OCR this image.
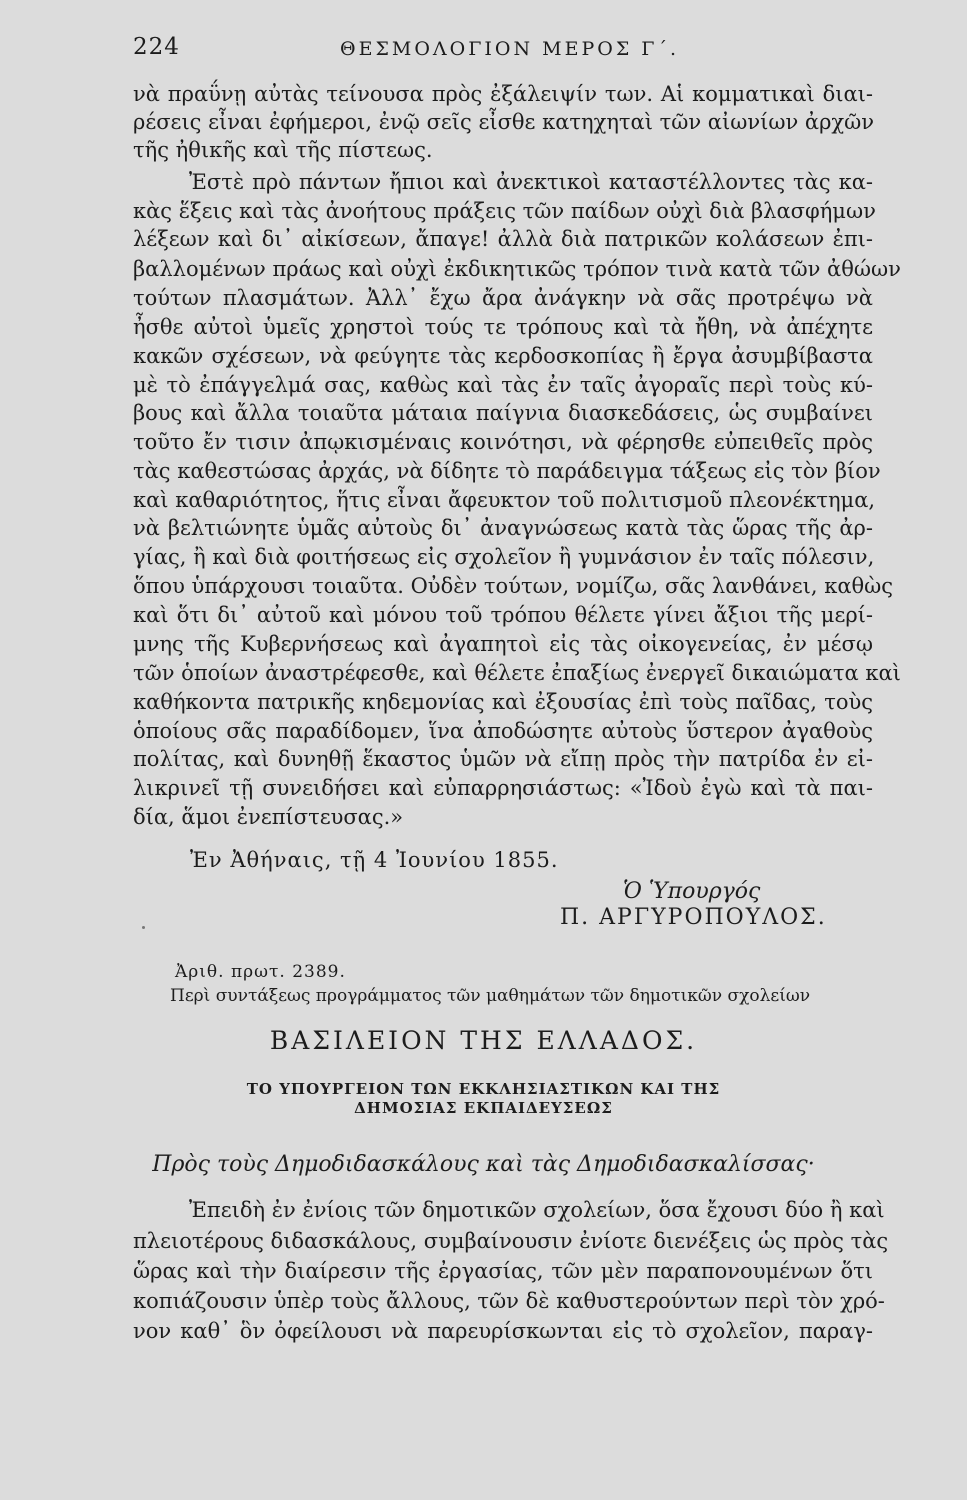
224	ΘΕΣΜΟΛΟΓΙΟΝ ΜΕΡΟΣ Γ΄.
νὰ πραΰνῃ αὐτὰς τείνουσα πρὸς ἐξάλειψίν των. Αἱ κομματικαὶ διαι-
ρέσεις εἶναι ἐφήμεροι, ἐνῷ σεῖς εἶσθε κατηχηταὶ τῶν αἰωνίων ἀρχῶν
τῆς ἠθικῆς καὶ τῆς πίστεως.
Ἐστὲ πρὸ πάντων ἤπιοι καὶ ἀνεκτικοὶ καταστέλλοντες τὰς κα-
κὰς ἕξεις καὶ τὰς ἀνοήτους πράξεις τῶν παίδων οὐχὶ διὰ βλασφήμων
λέξεων καὶ δι᾽ αἰκίσεων, ἄπαγε! ἀλλὰ διὰ πατρικῶν κολάσεων ἐπι-
βαλλομένων πράως καὶ οὐχὶ ἐκδικητικῶς τρόπον τινὰ κατὰ τῶν ἀθώων
τούτων πλασμάτων. Ἀλλ᾽ ἔχω ἄρα ἀνάγκην νὰ σᾶς προτρέψω νὰ
ἦσθε αὐτοὶ ὑμεῖς χρηστοὶ τούς τε τρόπους καὶ τὰ ἤθη, νὰ ἀπέχητε
κακῶν σχέσεων, νὰ φεύγητε τὰς κερδοσκοπίας ἢ ἔργα ἀσυμβίβαστα
μὲ τὸ ἐπάγγελμά σας, καθὼς καὶ τὰς ἐν ταῖς ἀγοραῖς περὶ τοὺς κύ-
βους καὶ ἄλλα τοιαῦτα μάταια παίγνια διασκεδάσεις, ὡς συμβαίνει
τοῦτο ἔν τισιν ἀπῳκισμέναις κοινότησι, νὰ φέρησθε εὐπειθεῖς πρὸς
τὰς καθεστώσας ἀρχάς, νὰ δίδητε τὸ παράδειγμα τάξεως εἰς τὸν βίον
καὶ καθαριότητος, ἥτις εἶναι ἄφευκτον τοῦ πολιτισμοῦ πλεονέκτημα,
νὰ βελτιώνητε ὑμᾶς αὐτοὺς δι᾽ ἀναγνώσεως κατὰ τὰς ὥρας τῆς ἀρ-
γίας, ἢ καὶ διὰ φοιτήσεως εἰς σχολεῖον ἢ γυμνάσιον ἐν ταῖς πόλεσιν,
ὅπου ὑπάρχουσι τοιαῦτα. Οὐδὲν τούτων, νομίζω, σᾶς λανθάνει, καθὼς
καὶ ὅτι δι᾽ αὐτοῦ καὶ μόνου τοῦ τρόπου θέλετε γίνει ἄξιοι τῆς μερί-
μνης τῆς Κυβερνήσεως καὶ ἀγαπητοὶ εἰς τὰς οἰκογενείας, ἐν μέσῳ
τῶν ὁποίων ἀναστρέφεσθε, καὶ θέλετε ἐπαξίως ἐνεργεῖ δικαιώματα καὶ
καθήκοντα πατρικῆς κηδεμονίας καὶ ἐξουσίας ἐπὶ τοὺς παῖδας, τοὺς
ὁποίους σᾶς παραδίδομεν, ἵνα ἀποδώσητε αὐτοὺς ὕστερον ἀγαθοὺς
πολίτας, καὶ δυνηθῇ ἕκαστος ὑμῶν νὰ εἴπῃ πρὸς τὴν πατρίδα ἐν εἰ-
λικρινεῖ τῇ συνειδήσει καὶ εὐπαρρησιάστως: «Ἰδοὺ ἐγὼ καὶ τὰ παι-
δία, ἅμοι ἐνεπίστευσας.»
Ἐν Ἀθήναις, τῇ 4 Ἰουνίου 1855.
Ὁ Ὑπουργός
Π. ΑΡΓΥΡΟΠΟΥΛΟΣ.
Ἀριθ. πρωτ. 2389.
Περὶ συντάξεως προγράμματος τῶν μαθημάτων τῶν δημοτικῶν σχολείων
ΒΑΣΙΛΕΙΟΝ ΤΗΣ ΕΛΛΑΔΟΣ.
ΤΟ ΥΠΟΥΡΓΕΙΟΝ ΤΩΝ ΕΚΚΛΗΣΙΑΣΤΙΚΩΝ ΚΑΙ ΤΗΣ
ΔΗΜΟΣΙΑΣ ΕΚΠΑΙΔΕΥΣΕΩΣ
Πρὸς τοὺς Δημοδιδασκάλους καὶ τὰς Δημοδιδασκαλίσσας·
Ἐπειδὴ ἐν ἐνίοις τῶν δημοτικῶν σχολείων, ὅσα ἔχουσι δύο ἢ καὶ
πλειοτέρους διδασκάλους, συμβαίνουσιν ἐνίοτε διενέξεις ὡς πρὸς τὰς
ὥρας καὶ τὴν διαίρεσιν τῆς ἐργασίας, τῶν μὲν παραπονουμένων ὅτι
κοπιάζουσιν ὑπὲρ τοὺς ἄλλους, τῶν δὲ καθυστερούντων περὶ τὸν χρό-
νον καθ᾽ ὃν ὀφείλουσι νὰ παρευρίσκωνται εἰς τὸ σχολεῖον, παραγ-
